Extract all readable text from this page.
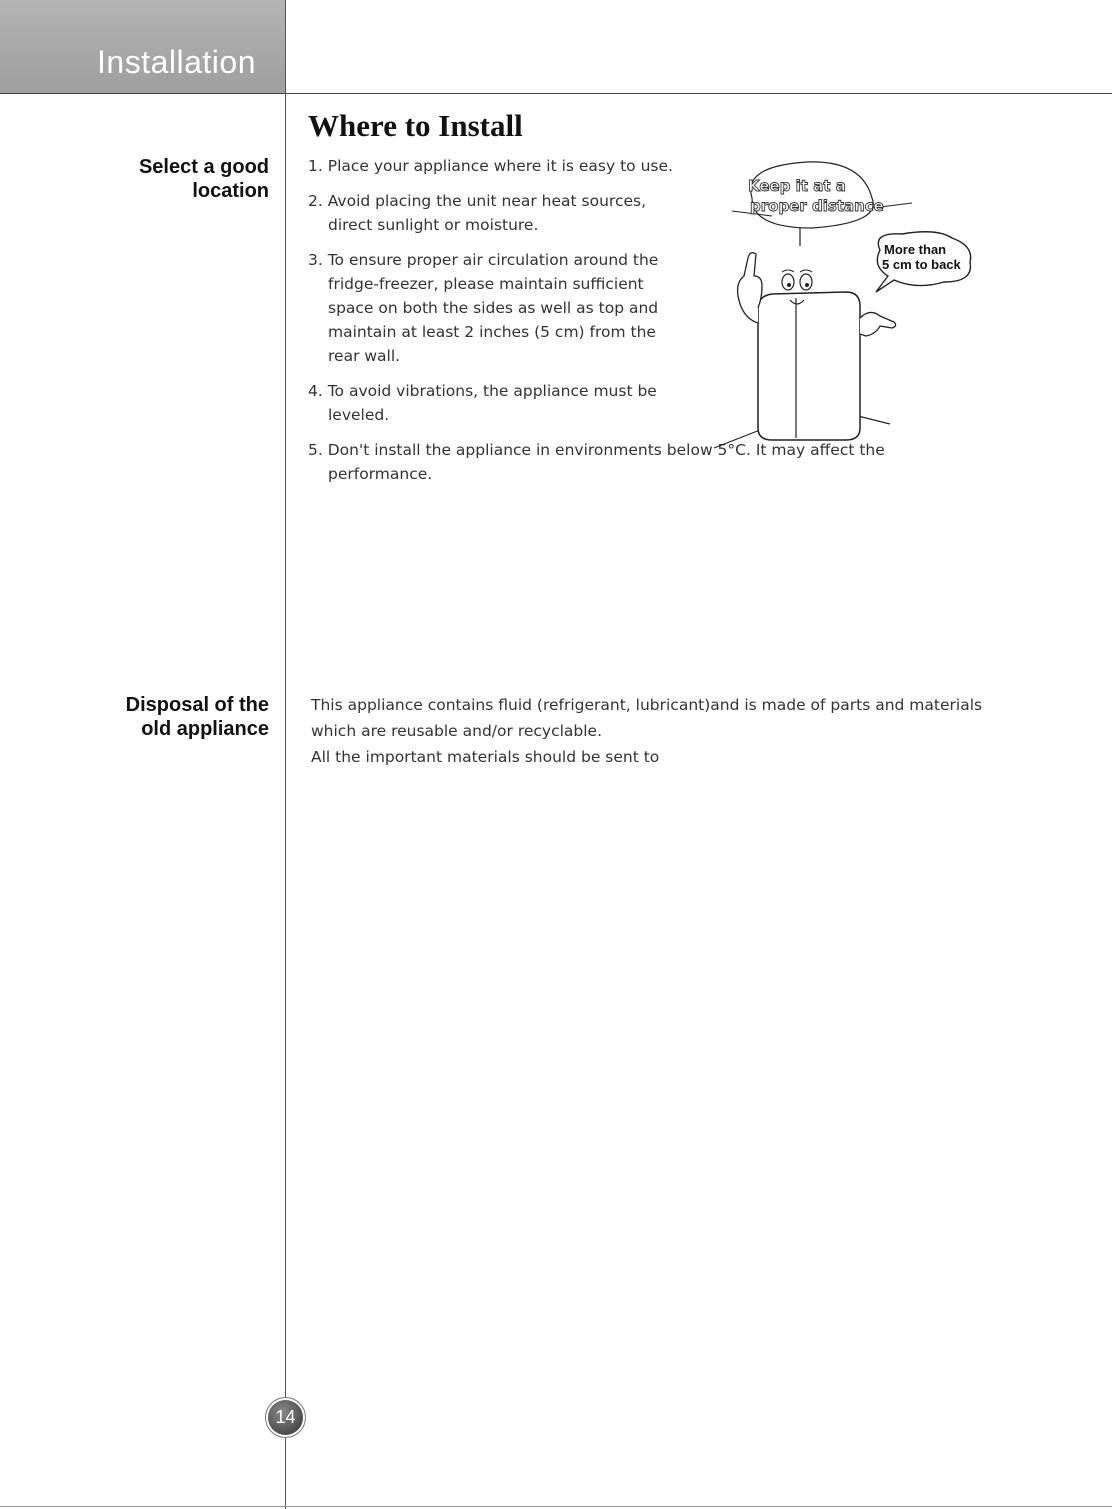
Installation
Where to Install
Select a good
location

1. Place your appliance where it is easy to use.

2. Avoid placing the unit near heat sources, direct sunlight or moisture.

3. To ensure proper air circulation around the fridge-freezer, please maintain sufficient space on both the sides as well as top and maintain at least 2 inches (5 cm) from the rear wall.

4. To avoid vibrations, the appliance must be leveled.

5. Don't install the appliance in environments below 5°C. It may affect the performance.

Keep it at a
proper distance
More than
5 cm to back
Disposal of the
old appliance

This appliance contains fluid (refrigerant, lubricant)and is made of parts and materials which are reusable and/or recyclable.

All the important materials should be sent to

14
